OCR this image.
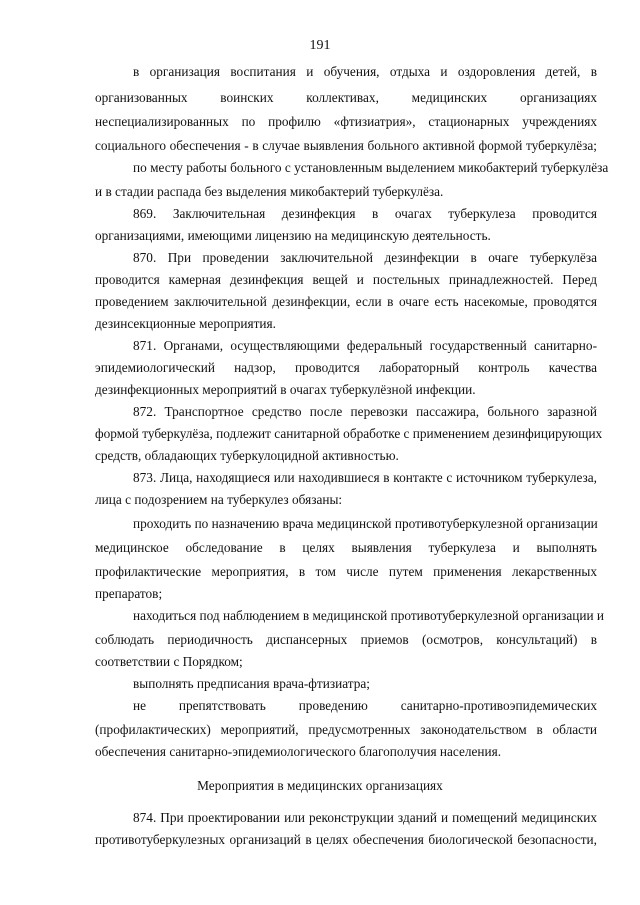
191
в организация воспитания и обучения, отдыха и оздоровления детей, в
организованных воинских коллективах, медицинских организациях
неспециализированных по профилю «фтизиатрия», стационарных учреждениях
социального обеспечения - в случае выявления больного активной формой туберкулёза;
по месту работы больного с установленным выделением микобактерий туберкулёза
и в стадии распада без выделения микобактерий туберкулёза.
869. Заключительная дезинфекция в очагах туберкулеза проводится
организациями, имеющими лицензию на медицинскую деятельность.
870. При проведении заключительной дезинфекции в очаге туберкулёза
проводится камерная дезинфекция вещей и постельных принадлежностей. Перед
проведением заключительной дезинфекции, если в очаге есть насекомые, проводятся
дезинсекционные мероприятия.
871. Органами, осуществляющими федеральный государственный санитарно-
эпидемиологический надзор, проводится лабораторный контроль качества
дезинфекционных мероприятий в очагах туберкулёзной инфекции.
872. Транспортное средство после перевозки пассажира, больного заразной
формой туберкулёза, подлежит санитарной обработке с применением дезинфицирующих
средств, обладающих туберкулоцидной активностью.
873. Лица, находящиеся или находившиеся в контакте с источником туберкулеза,
лица с подозрением на туберкулез обязаны:
проходить по назначению врача медицинской противотуберкулезной организации
медицинское обследование в целях выявления туберкулеза и выполнять
профилактические мероприятия, в том числе путем применения лекарственных
препаратов;
находиться под наблюдением в медицинской противотуберкулезной организации и
соблюдать периодичность диспансерных приемов (осмотров, консультаций) в
соответствии с Порядком;
выполнять предписания врача-фтизиатра;
не препятствовать проведению санитарно-противоэпидемических
(профилактических) мероприятий, предусмотренных законодательством в области
обеспечения санитарно-эпидемиологического благополучия населения.
Мероприятия в медицинских организациях
874. При проектировании или реконструкции зданий и помещений медицинских
противотуберкулезных организаций в целях обеспечения биологической безопасности,
